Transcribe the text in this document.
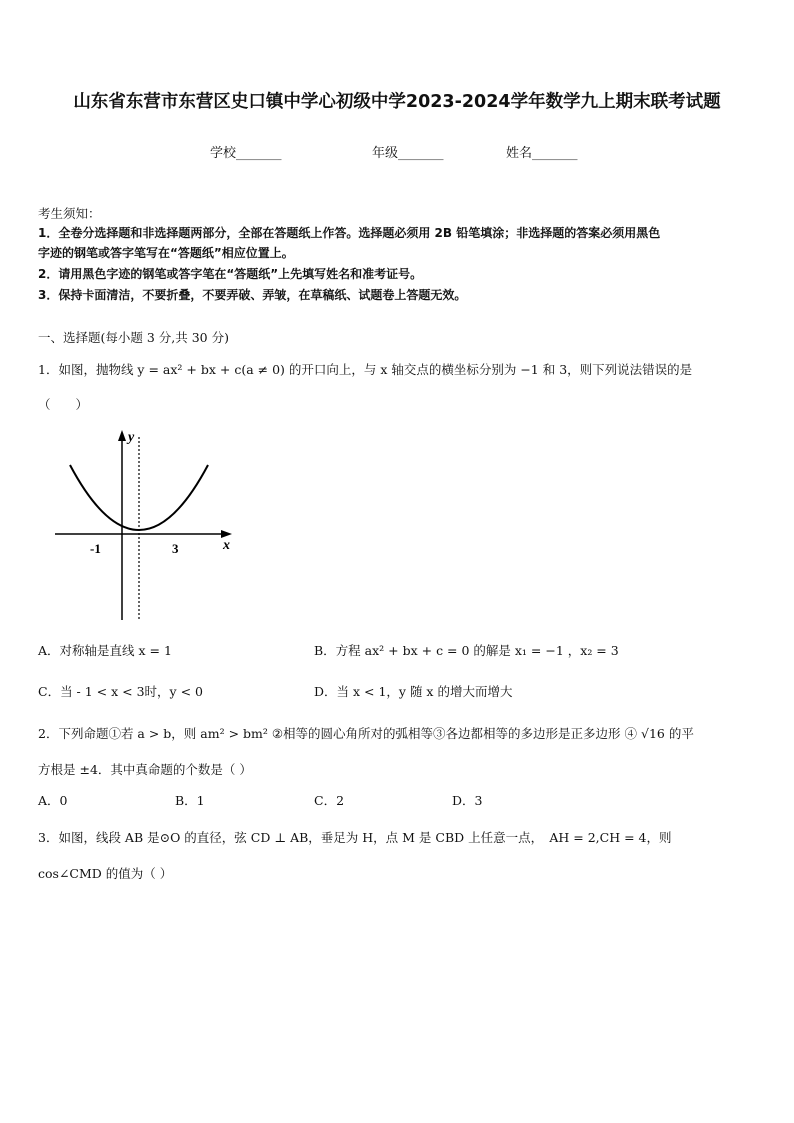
山东省东营市东营区史口镇中学心初级中学2023-2024学年数学九上期末联考试题
学校_______	年级_______	姓名_______
考生须知：
1．全卷分选择题和非选择题两部分，全部在答题纸上作答。选择题必须用 2B 铅笔填涂；非选择题的答案必须用黑色
字迹的钢笔或答字笔写在“答题纸”相应位置上。
2．请用黑色字迹的钢笔或答字笔在“答题纸”上先填写姓名和准考证号。
3．保持卡面清洁，不要折叠，不要弄破、弄皱，在草稿纸、试题卷上答题无效。
一、选择题(每小题 3 分,共 30 分)
1．如图，抛物线 y = ax² + bx + c(a ≠ 0) 的开口向上，与 x 轴交点的横坐标分别为 −1 和 3，则下列说法错误的是
（　　）
y
x
-1	3
A．对称轴是直线 x = 1	B．方程 ax² + bx + c = 0 的解是 x₁ = −1 ，x₂ = 3
C．当 - 1 < x < 3时，y < 0	D．当 x < 1，y 随 x 的增大而增大
2．下列命题①若 a > b，则 am² > bm² ②相等的圆心角所对的弧相等③各边都相等的多边形是正多边形 ④ √16 的平
方根是 ±4．其中真命题的个数是（ ）
A．0	B．1	C．2	D．3
3．如图，线段 AB 是⊙O 的直径，弦 CD ⊥ AB，垂足为 H，点 M 是 CBD 上任意一点，　AH = 2,CH = 4，则
cos∠CMD 的值为（ ）
